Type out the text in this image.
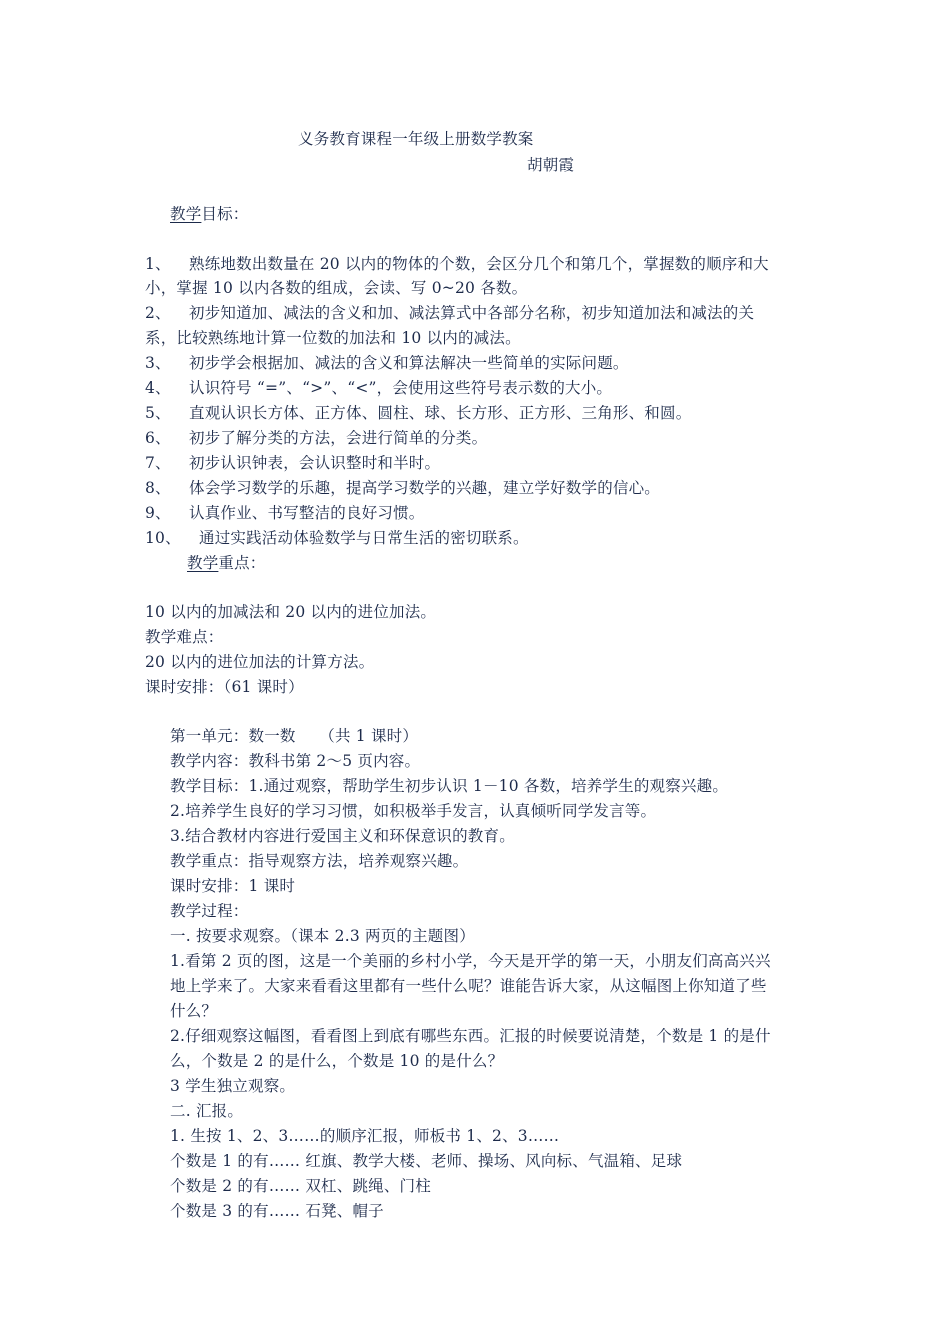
义务教育课程一年级上册数学教案
胡朝霞
教学目标：
1、 熟练地数出数量在 20 以内的物体的个数，会区分几个和第几个，掌握数的顺序和大
小，掌握 10 以内各数的组成，会读、写 0~20 各数。
2、 初步知道加、减法的含义和加、减法算式中各部分名称，初步知道加法和减法的关
系，比较熟练地计算一位数的加法和 10 以内的减法。
3、 初步学会根据加、减法的含义和算法解决一些简单的实际问题。
4、 认识符号 “=”、“>”、“<”，会使用这些符号表示数的大小。
5、 直观认识长方体、正方体、圆柱、球、长方形、正方形、三角形、和圆。
6、 初步了解分类的方法，会进行简单的分类。
7、 初步认识钟表，会认识整时和半时。
8、 体会学习数学的乐趣，提高学习数学的兴趣，建立学好数学的信心。
9、 认真作业、书写整洁的良好习惯。
10、 通过实践活动体验数学与日常生活的密切联系。
教学重点：
10 以内的加减法和 20 以内的进位加法。
教学难点：
20 以内的进位加法的计算方法。
课时安排：（61 课时）
第一单元：数一数　　（共 1 课时）
教学内容：教科书第 2～5 页内容。
教学目标：1.通过观察，帮助学生初步认识 1－10 各数，培养学生的观察兴趣。
2.培养学生良好的学习习惯，如积极举手发言，认真倾听同学发言等。
3.结合教材内容进行爱国主义和环保意识的教育。
教学重点：指导观察方法，培养观察兴趣。
课时安排：1 课时
教学过程：
一. 按要求观察。（课本 2.3 两页的主题图）
1.看第 2 页的图，这是一个美丽的乡村小学，今天是开学的第一天，小朋友们高高兴兴
地上学来了。大家来看看这里都有一些什么呢？谁能告诉大家，从这幅图上你知道了些
什么？
2.仔细观察这幅图，看看图上到底有哪些东西。汇报的时候要说清楚，个数是 1 的是什
么，个数是 2 的是什么，个数是 10 的是什么？
3 学生独立观察。
二. 汇报。
1. 生按 1、2、3……的顺序汇报，师板书 1、2、3……
个数是 1 的有…… 红旗、教学大楼、老师、操场、风向标、气温箱、足球
个数是 2 的有…… 双杠、跳绳、门柱
个数是 3 的有…… 石凳、帽子
